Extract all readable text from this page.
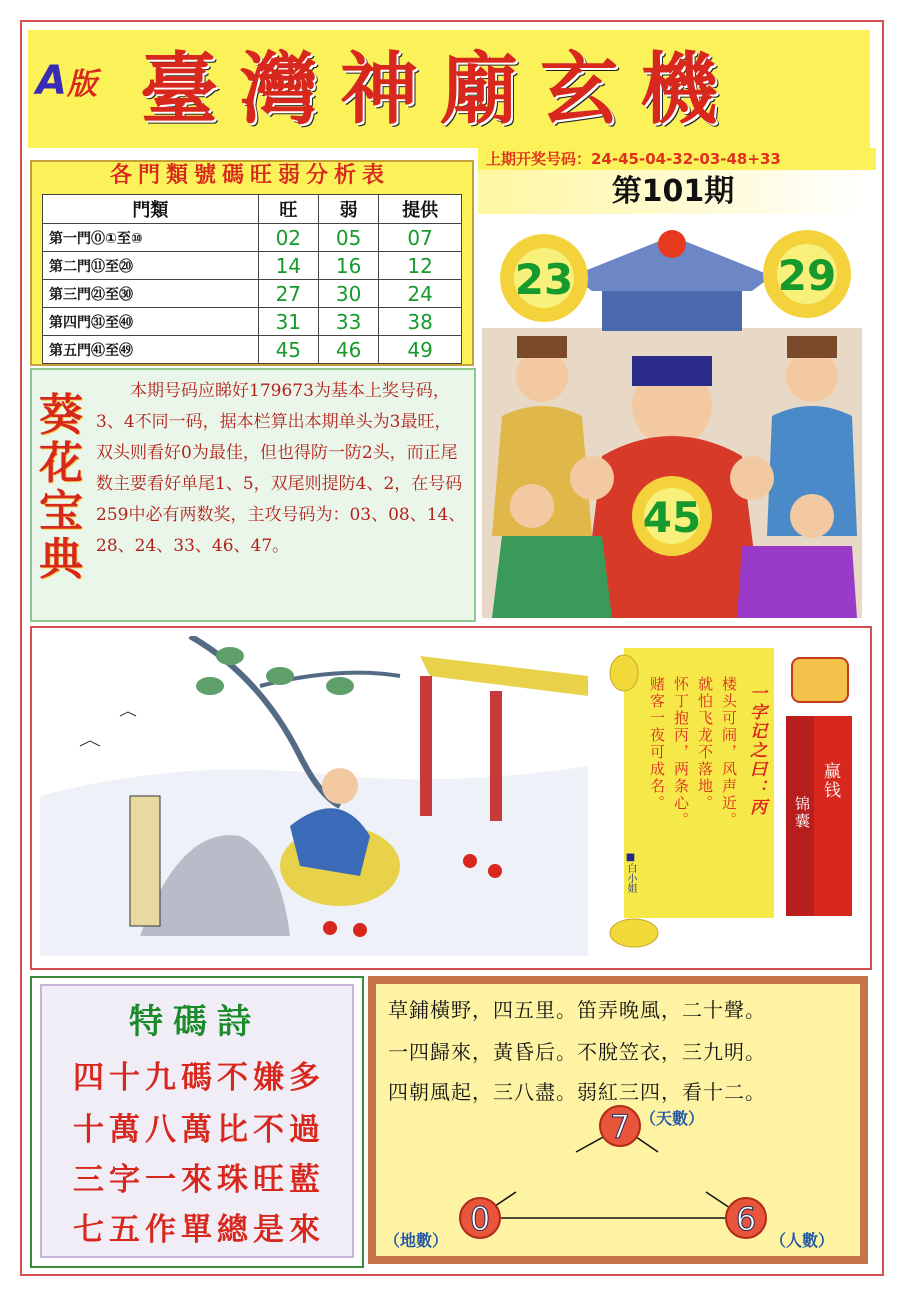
A版 臺灣神廟玄機
上期开奖号码：24-45-04-32-03-48+33
第101期
各門類號碼旺弱分析表
門類	旺	弱	提供
第一門⓪①至⑩	02	05	07
第二門⑪至⑳	14	16	12
第三門㉑至㉚	27	30	24
第四門㉛至㊵	31	33	38
第五門㊶至㊾	45	46	49
葵花宝典
本期号码应睇好179673为基本上奖号码，3、4不同一码，据本栏算出本期单头为3最旺，双头则看好0为最佳，但也得防一防2头，而正尾数主要看好单尾1、5，双尾则提防4、2，在号码259中必有两数奖，主攻号码为：03、08、14、28、24、33、46、47。
23	29
45
一字记之曰：丙
楼头可闹，风声近。
就怕飞龙不落地。
怀丁抱丙，两条心。
赌客一夜可成名。
■白小姐
赢钱
锦囊
特碼詩
四十九碼不嫌多
十萬八萬比不過
三字一來珠旺藍
七五作單總是來
草鋪橫野，四五里。笛弄晚風，二十聲。
一四歸來，黃昏后。不脫笠衣，三九明。
四朝風起，三八盡。弱紅三四，看十二。
7
0	6
（天數）
（地數）	（人數）
